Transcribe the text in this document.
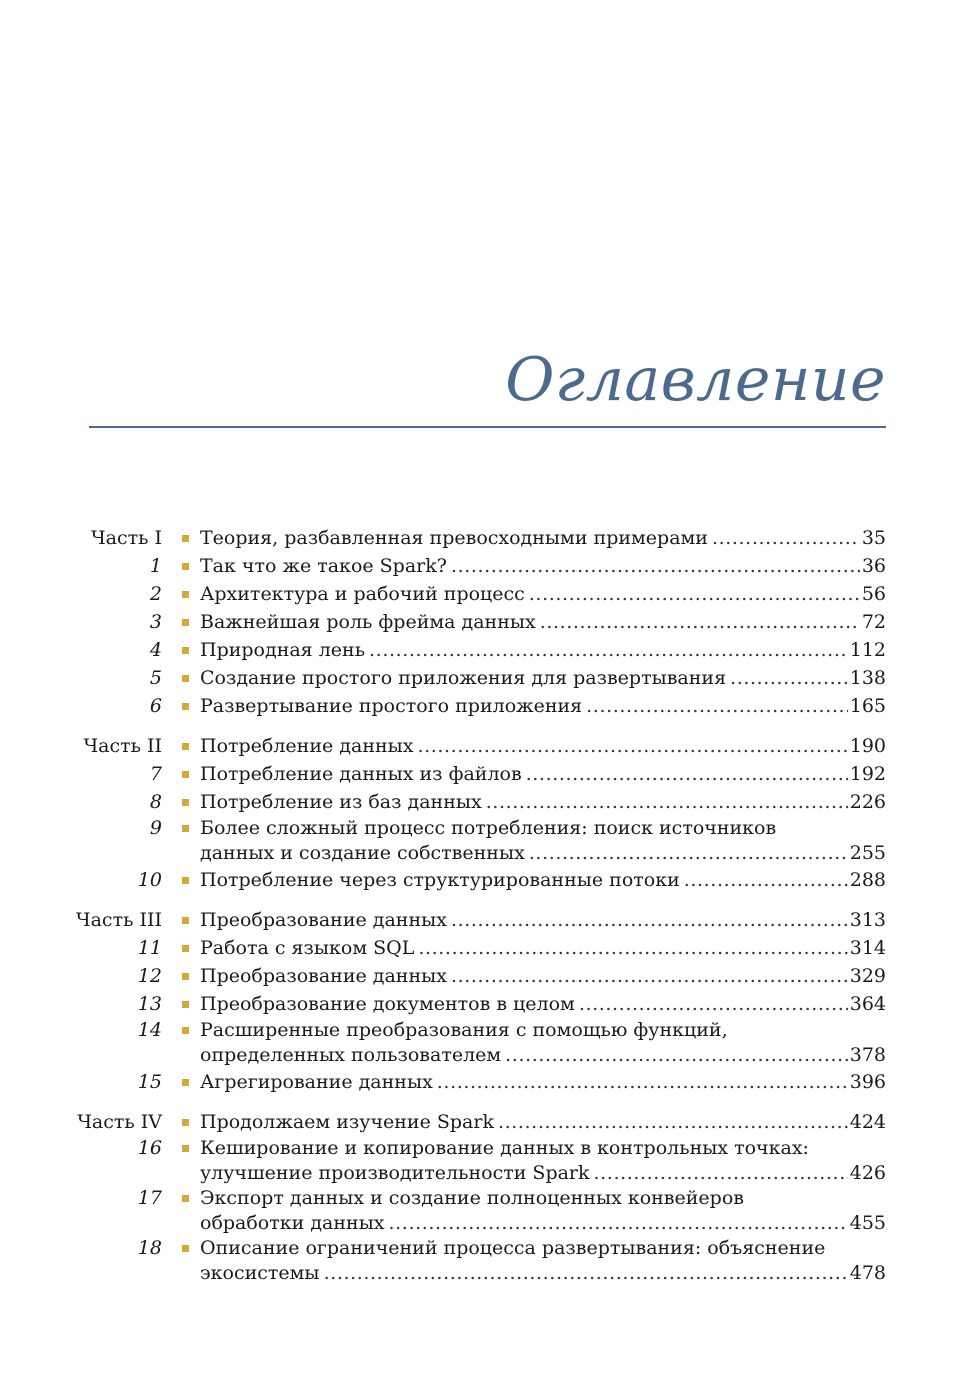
Оглавление
Часть I	Теория, разбавленная превосходными примерами .....	35
1	Так что же такое Spark? .....	36
2	Архитектура и рабочий процесс .....	56
3	Важнейшая роль фрейма данных .....	72
4	Природная лень .....	112
5	Создание простого приложения для развертывания .....	138
6	Развертывание простого приложения .....	165
Часть II	Потребление данных .....	190
7	Потребление данных из файлов .....	192
8	Потребление из баз данных .....	226
9	Более сложный процесс потребления: поиск источников
данных и создание собственных .....	255
10	Потребление через структурированные потоки .....	288
Часть III	Преобразование данных .....	313
11	Работа с языком SQL .....	314
12	Преобразование данных .....	329
13	Преобразование документов в целом .....	364
14	Расширенные преобразования с помощью функций,
определенных пользователем .....	378
15	Агрегирование данных .....	396
Часть IV	Продолжаем изучение Spark .....	424
16	Кеширование и копирование данных в контрольных точках:
улучшение производительности Spark .....	426
17	Экспорт данных и создание полноценных конвейеров
обработки данных .....	455
18	Описание ограничений процесса развертывания: объяснение
экосистемы .....	478
